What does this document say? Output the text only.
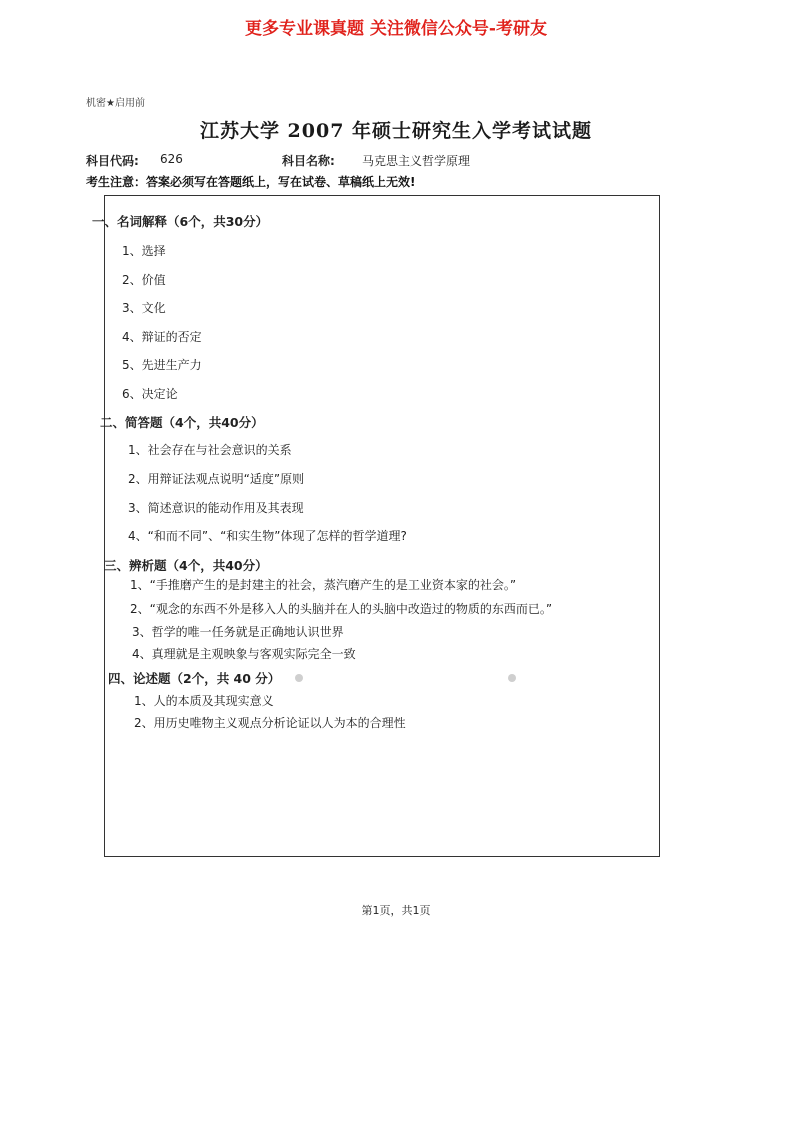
更多专业课真题 关注微信公众号-考研友
机密★启用前
江苏大学 2007 年硕士研究生入学考试试题
科目代码: 626	科目名称: 马克思主义哲学原理
考生注意：答案必须写在答题纸上，写在试卷、草稿纸上无效!
一、名词解释（6个，共30分）
1、选择
2、价值
3、文化
4、辩证的否定
5、先进生产力
6、决定论
二、简答题（4个，共40分）
1、社会存在与社会意识的关系
2、用辩证法观点说明“适度”原则
3、简述意识的能动作用及其表现
4、“和而不同”、“和实生物”体现了怎样的哲学道理?
三、辨析题（4个，共40分）
1、“手推磨产生的是封建主的社会，蒸汽磨产生的是工业资本家的社会。”
2、“观念的东西不外是移入人的头脑并在人的头脑中改造过的物质的东西而已。”
3、哲学的唯一任务就是正确地认识世界
4、真理就是主观映象与客观实际完全一致
四、论述题（2个，共 40 分）
1、人的本质及其现实意义
2、用历史唯物主义观点分析论证以人为本的合理性
第1页，共1页
